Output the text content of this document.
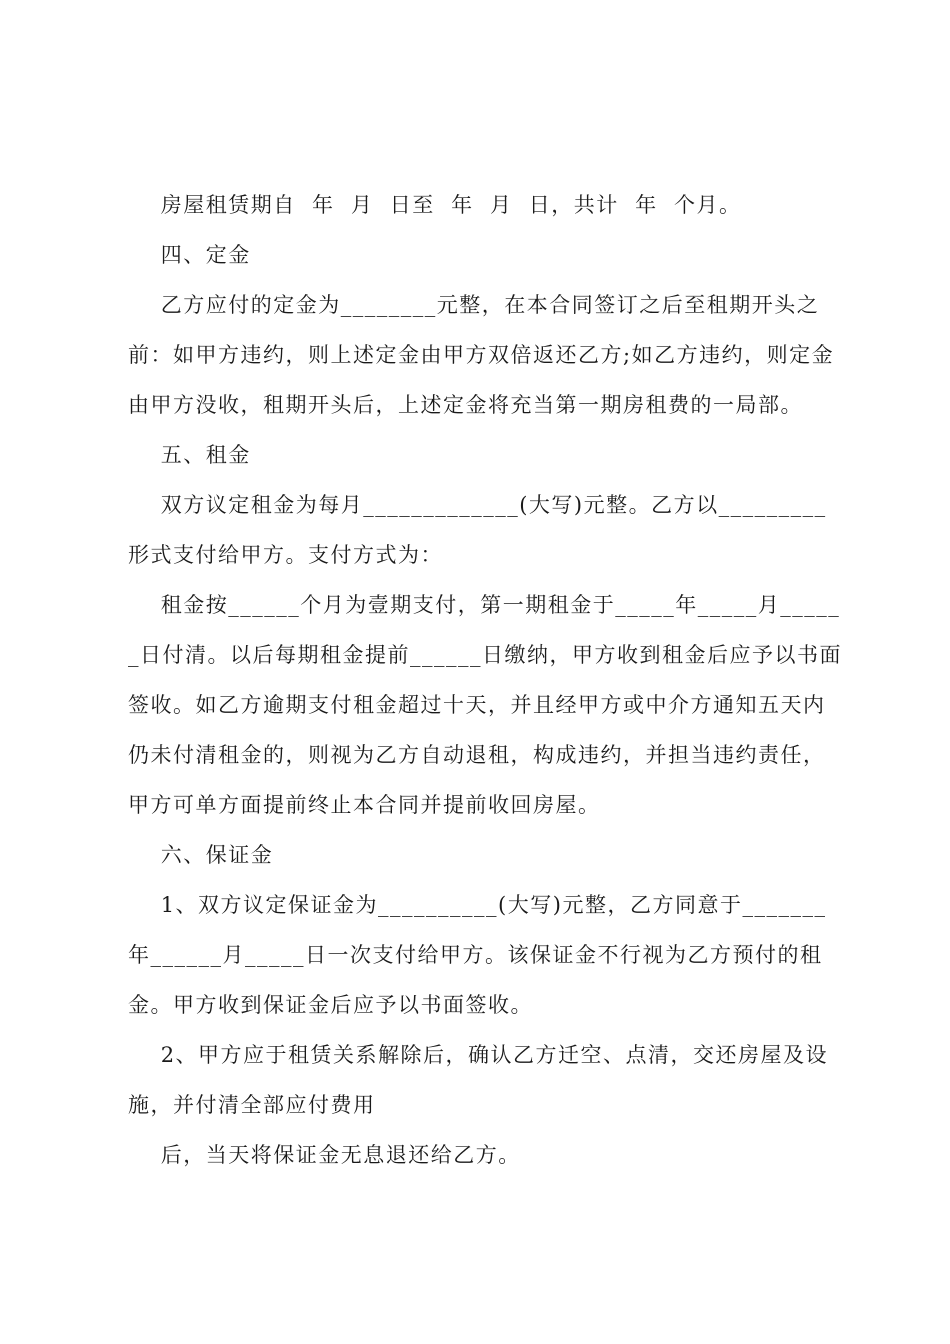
房屋租赁期自  年  月  日至  年  月  日，共计  年  个月。
四、定金
乙方应付的定金为________元整，在本合同签订之后至租期开头之
前：如甲方违约，则上述定金由甲方双倍返还乙方;如乙方违约，则定金
由甲方没收，租期开头后，上述定金将充当第一期房租费的一局部。
五、租金
双方议定租金为每月_____________(大写)元整。乙方以_________
形式支付给甲方。支付方式为：
租金按______个月为壹期支付，第一期租金于_____年_____月_____
_日付清。以后每期租金提前______日缴纳，甲方收到租金后应予以书面
签收。如乙方逾期支付租金超过十天，并且经甲方或中介方通知五天内
仍未付清租金的，则视为乙方自动退租，构成违约，并担当违约责任，
甲方可单方面提前终止本合同并提前收回房屋。
六、保证金
1、双方议定保证金为__________(大写)元整，乙方同意于_______
年______月_____日一次支付给甲方。该保证金不行视为乙方预付的租
金。甲方收到保证金后应予以书面签收。
2、甲方应于租赁关系解除后，确认乙方迁空、点清，交还房屋及设
施，并付清全部应付费用
后，当天将保证金无息退还给乙方。
